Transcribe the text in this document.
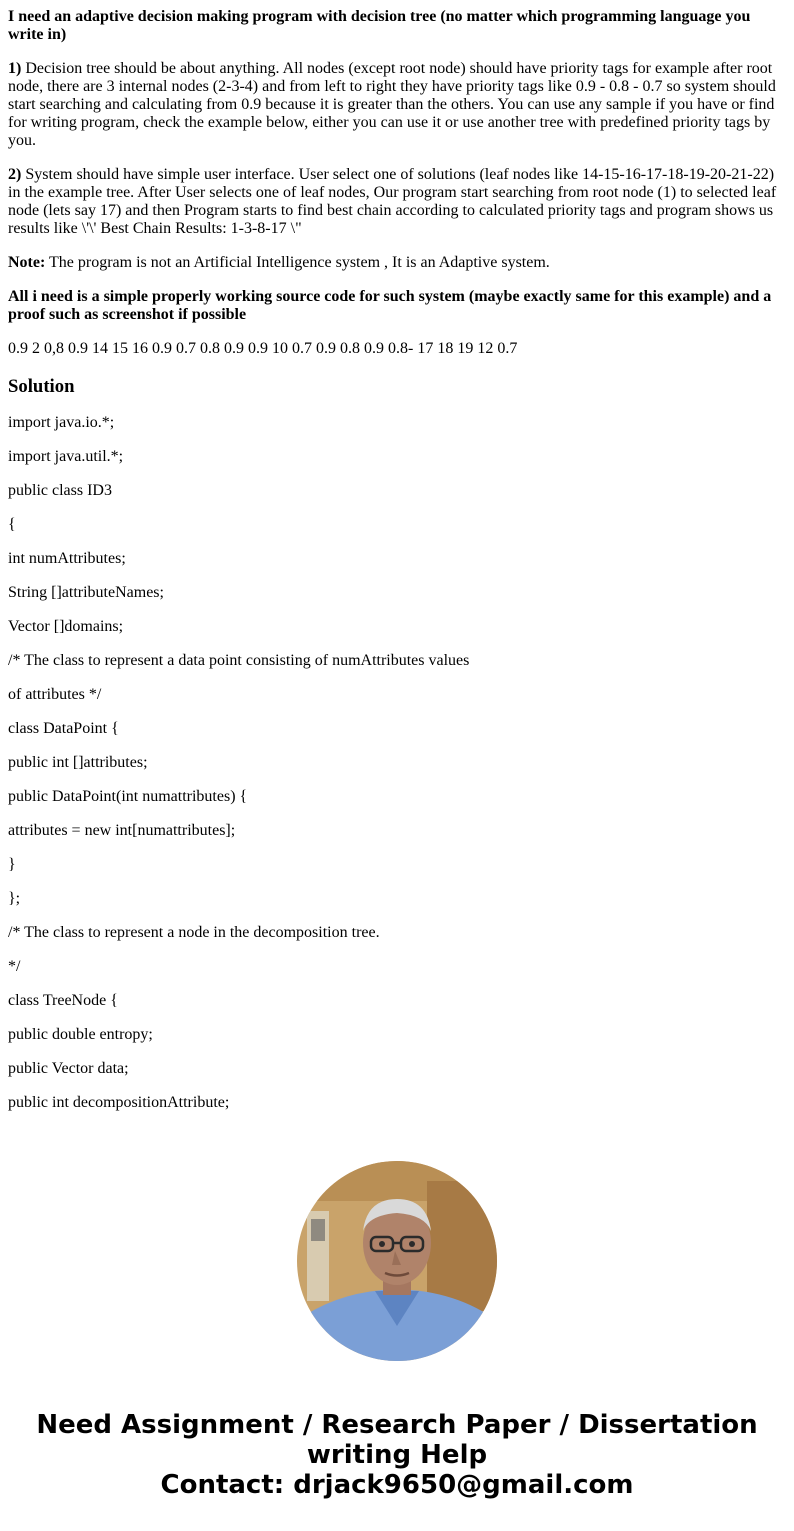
I need an adaptive decision making program with decision tree (no matter which programming language you write in)

1) Decision tree should be about anything. All nodes (except root node) should have priority tags for example after root node, there are 3 internal nodes (2-3-4) and from left to right they have priority tags like 0.9 - 0.8 - 0.7 so system should start searching and calculating from 0.9 because it is greater than the others. You can use any sample if you have or find for writing program, check the example below, either you can use it or use another tree with predefined priority tags by you.

2) System should have simple user interface. User select one of solutions (leaf nodes like 14-15-16-17-18-19-20-21-22) in the example tree. After User selects one of leaf nodes, Our program start searching from root node (1) to selected leaf node (lets say 17) and then Program starts to find best chain according to calculated priority tags and program shows us results like \'\' Best Chain Results: 1-3-8-17 \"

Note: The program is not an Artificial Intelligence system , It is an Adaptive system.

All i need is a simple properly working source code for such system (maybe exactly same for this example) and a proof such as screenshot if possible

0.9 2 0,8 0.9 14 15 16 0.9 0.7 0.8 0.9 0.9 10 0.7 0.9 0.8 0.9 0.8- 17 18 19 12 0.7

Solution

import java.io.*;

import java.util.*;

public class ID3

{

int numAttributes;

String []attributeNames;

Vector []domains;

/* The class to represent a data point consisting of numAttributes values

of attributes */

class DataPoint {

public int []attributes;

public DataPoint(int numattributes) {

attributes = new int[numattributes];

}

};

/* The class to represent a node in the decomposition tree.

*/

class TreeNode {

public double entropy;

public Vector data;

public int decompositionAttribute;

Need Assignment / Research Paper / Dissertation
writing Help
Contact: drjack9650@gmail.com
